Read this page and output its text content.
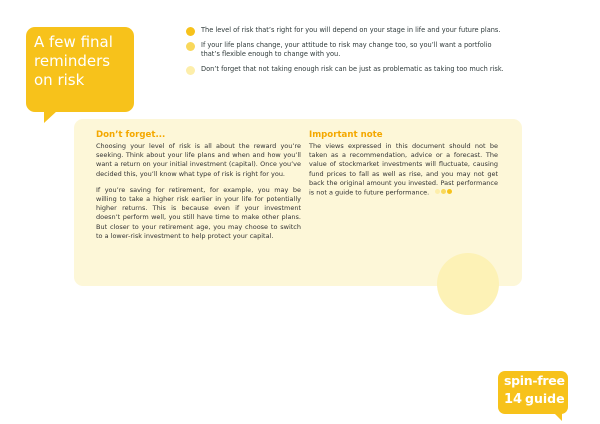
A few final
reminders
on risk
The level of risk that’s right for you will depend on your stage in life and your future plans.
If your life plans change, your attitude to risk may change too, so you’ll want a portfolio that’s flexible enough to change with you.
Don’t forget that not taking enough risk can be just as problematic as taking too much risk.
Don’t forget...

Choosing your level of risk is all about the reward you’re seeking. Think about your life plans and when and how you’ll want a return on your initial investment (capital). Once you’ve decided this, you’ll know what type of risk is right for you.

If you’re saving for retirement, for example, you may be willing to take a higher risk earlier in your life for potentially higher returns. This is because even if your investment doesn’t perform well, you still have time to make other plans. But closer to your retirement age, you may choose to switch to a lower-risk investment to help protect your capital.

Important note

The views expressed in this document should not be taken as a recommendation, advice or a forecast. The value of stockmarket investments will fluctuate, causing fund prices to fall as well as rise, and you may not get back the original amount you invested. Past performance is not a guide to future performance.

spin-free
guide
14
